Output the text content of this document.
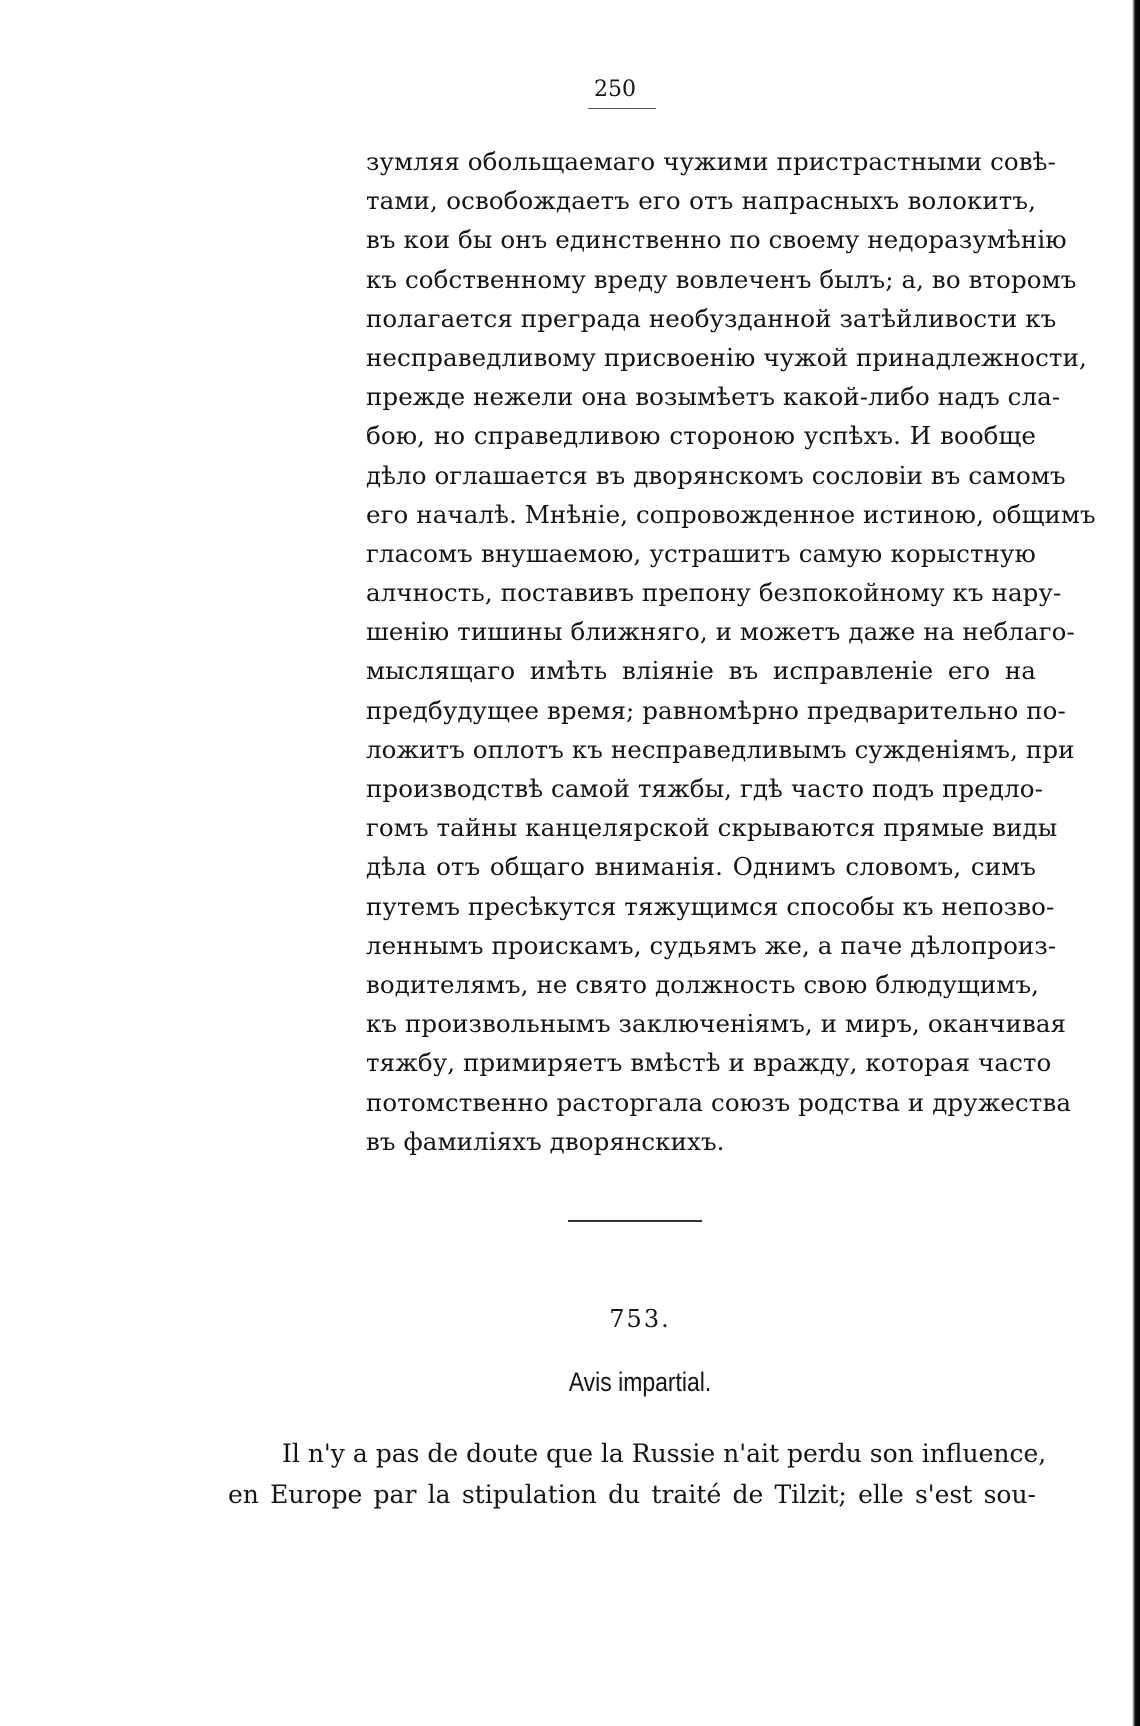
250
зумляя обольщаемаго чужими пристрастными совѣ-
тами, освобождаетъ его отъ напрасныхъ волокитъ,
въ кои бы онъ единственно по своему недоразумѣнію
къ собственному вреду вовлеченъ былъ; а, во второмъ
полагается преграда необузданной затѣйливости къ
несправедливому присвоенію чужой принадлежности,
прежде нежели она возымѣетъ какой-либо надъ сла-
бою, но справедливою стороною успѣхъ. И вообще
дѣло оглашается въ дворянскомъ сословіи въ самомъ
его началѣ. Мнѣніе, сопровожденное истиною, общимъ
гласомъ внушаемою, устрашитъ самую корыстную
алчность, поставивъ препону безпокойному къ нару-
шенію тишины ближняго, и можетъ даже на неблаго-
мыслящаго имѣть вліяніе въ исправленіе его на
предбудущее время; равномѣрно предварительно по-
ложитъ оплотъ къ несправедливымъ сужденіямъ, при
производствѣ самой тяжбы, гдѣ часто подъ предло-
гомъ тайны канцелярской скрываются прямые виды
дѣла отъ общаго вниманія. Однимъ словомъ, симъ
путемъ пресѣкутся тяжущимся способы къ непозво-
леннымъ проискамъ, судьямъ же, а паче дѣлопроиз-
водителямъ, не свято должность свою блюдущимъ,
къ произвольнымъ заключеніямъ, и миръ, оканчивая
тяжбу, примиряетъ вмѣстѣ и вражду, которая часто
потомственно расторгала союзъ родства и дружества
въ фамиліяхъ дворянскихъ.
753.
Avis impartial.
Il n'y a pas de doute que la Russie n'ait perdu son influence,
en Europe par la stipulation du traité de Tilzit; elle s'est sou-
